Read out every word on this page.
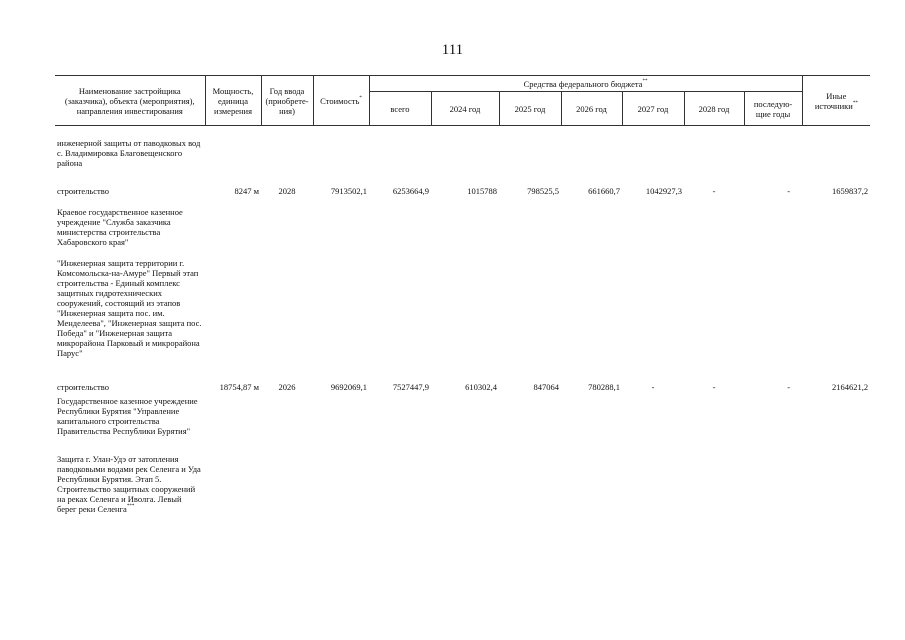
111
Наименование застройщика (заказчика), объекта (мероприятия), направления инвестирования	Мощность, единица измерения	Год ввода (приобрете-ния)	Стоимость*	Средства федерального бюджета**							Иные источники**
				всего	2024 год	2025 год	2026 год	2027 год	2028 год	последую-щие годы	
инженерной защиты от паводковых вод с. Владимировка Благовещенского района											
строительство	8247 м	2028	7913502,1	6253664,9	1015788	798525,5	661660,7	1042927,3	-	-	1659837,2
Краевое государственное казенное учреждение "Служба заказчика министерства строительства Хабаровского края"											
"Инженерная защита территории г. Комсомольска-на-Амуре" Первый этап строительства - Единый комплекс защитных гидротехнических сооружений, состоящий из этапов "Инженерная защита пос. им. Менделеева", "Инженерная защита пос. Победа" и "Инженерная защита микрорайона Парковый и микрорайона Парус"											
строительство	18754,87 м	2026	9692069,1	7527447,9	610302,4	847064	780288,1	-	-	-	2164621,2
Государственное казенное учреждение Республики Бурятия "Управление капитального строительства Правительства Республики Бурятия"											
Защита г. Улан-Удэ от затопления паводковыми водами рек Селенга и Уда Республики Бурятия. Этап 5. Строительство защитных сооружений на реках Селенга и Иволга. Левый берег реки Селенга***	
